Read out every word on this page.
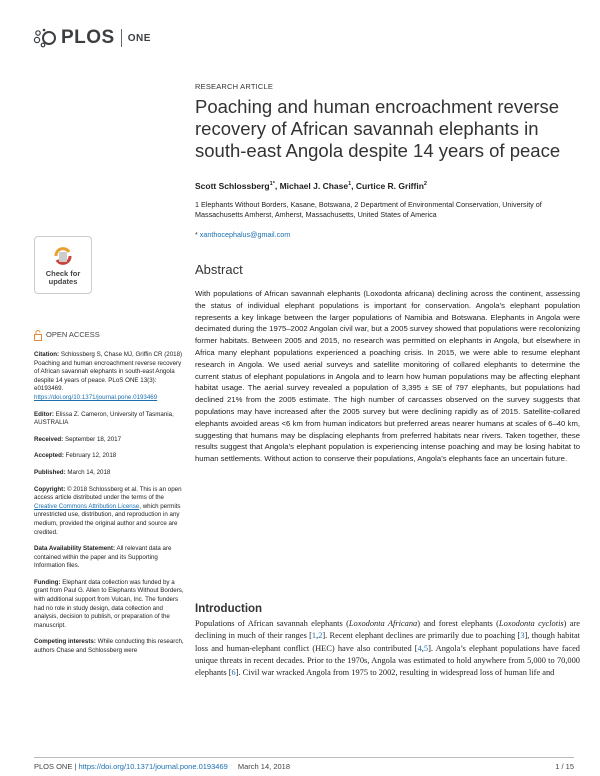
PLOS ONE
RESEARCH ARTICLE
Poaching and human encroachment reverse recovery of African savannah elephants in south-east Angola despite 14 years of peace
Scott Schlossberg$^{1*}$, Michael J. Chase$^1$, Curtice R. Griffin$^2$
1 Elephants Without Borders, Kasane, Botswana, 2 Department of Environmental Conservation, University of Massachusetts Amherst, Amherst, Massachusetts, United States of America
* xanthocephalus@gmail.com
Check for updates
Abstract

With populations of African savannah elephants (Loxodonta africana) declining across the continent, assessing the status of individual elephant populations is important for conservation. Angola’s elephant population represents a key linkage between the larger populations of Namibia and Botswana. Elephants in Angola were decimated during the 1975–2002 Angolan civil war, but a 2005 survey showed that populations were recolonizing former habitats. Between 2005 and 2015, no research was permitted on elephants in Angola, but elsewhere in Africa many elephant populations experienced a poaching crisis. In 2015, we were able to resume elephant research in Angola. We used aerial surveys and satellite monitoring of collared elephants to determine the current status of elephant populations in Angola and to learn how human populations may be affecting elephant habitat usage. The aerial survey revealed a population of 3,395 ± SE of 797 elephants, but populations had declined 21% from the 2005 estimate. The high number of carcasses observed on the survey suggests that populations may have increased after the 2005 survey but were declining rapidly as of 2015. Satellite-collared elephants avoided areas <6 km from human indicators but preferred areas nearer humans at scales of 6–40 km, suggesting that humans may be displacing elephants from preferred habitats near rivers. Taken together, these results suggest that Angola’s elephant population is experiencing intense poaching and may be losing habitat to human settlements. Without action to conserve their populations, Angola’s elephants face an uncertain future.

OPEN ACCESS
Citation: Schlossberg S, Chase MJ, Griffin CR (2018) Poaching and human encroachment reverse recovery of African savannah elephants in south-east Angola despite 14 years of peace. PLoS ONE 13(3): e0193469. https://doi.org/10.1371/journal.pone.0193469
Editor: Elissa Z. Cameron, University of Tasmania, AUSTRALIA
Received: September 18, 2017
Accepted: February 12, 2018
Published: March 14, 2018
Copyright: © 2018 Schlossberg et al. This is an open access article distributed under the terms of the Creative Commons Attribution License, which permits unrestricted use, distribution, and reproduction in any medium, provided the original author and source are credited.
Data Availability Statement: All relevant data are contained within the paper and its Supporting Information files.
Funding: Elephant data collection was funded by a grant from Paul G. Allen to Elephants Without Borders, with additional support from Vulcan, Inc. The funders had no role in study design, data collection and analysis, decision to publish, or preparation of the manuscript.
Competing interests: While conducting this research, authors Chase and Schlossberg were
Introduction

Populations of African savannah elephants (Loxodonta Africana) and forest elephants (Loxodonta cyclotis) are declining in much of their ranges [1,2]. Recent elephant declines are primarily due to poaching [3], though habitat loss and human-elephant conflict (HEC) have also contributed [4,5]. Angola’s elephant populations have faced unique threats in recent decades. Prior to the 1970s, Angola was estimated to hold anywhere from 5,000 to 70,000 elephants [6]. Civil war wracked Angola from 1975 to 2002, resulting in widespread loss of human life and

PLOS ONE | https://doi.org/10.1371/journal.pone.0193469 March 14, 2018	1 / 15
